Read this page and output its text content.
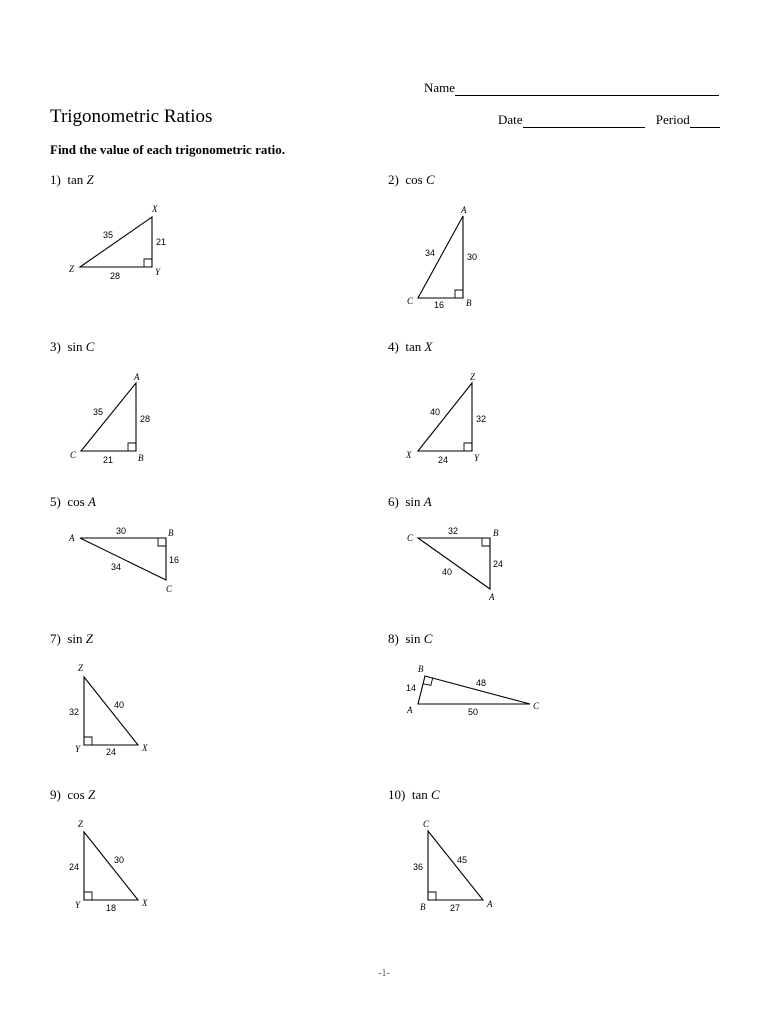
Name
Trigonometric Ratios	Date	Period
Find the value of each trigonometric ratio.
1) tan Z	2) cos C
3) sin C	4) tan X
5) cos A	6) sin A
7) sin Z	8) sin C
9) cos Z	10) tan C
Z
X
Y
35
21
28
A
C	B
34	30
16
A
C	B
35
28
21
Z
X	Y
40
32
24
A	B
C
30
16
34
C	B
A
32
24
40
Z
Y	X
32
40
24
B
A	C
14	48
50
Z
Y	X
24
30
18
C
B	A
36
45
27
-1-
